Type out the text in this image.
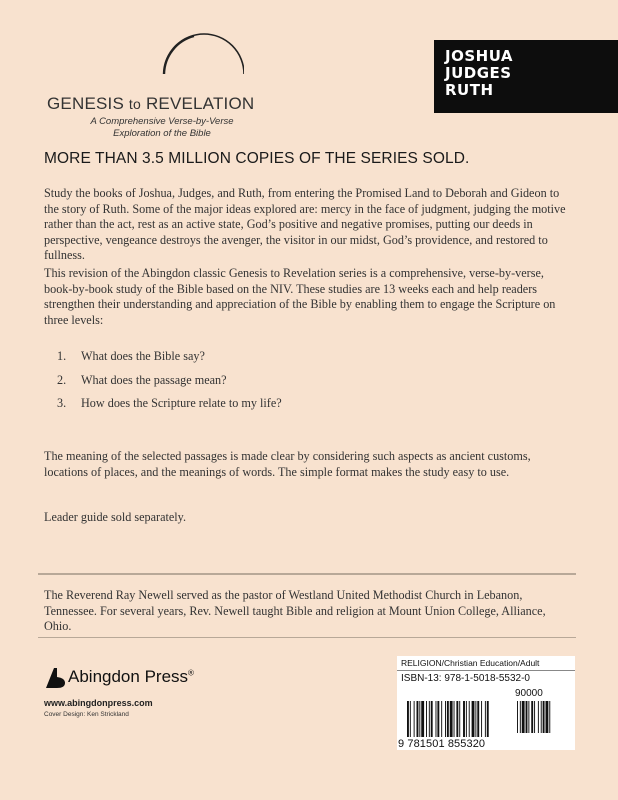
GENESIS to REVELATION
A Comprehensive Verse-by-Verse
Exploration of the Bible
JOSHUA
JUDGES
RUTH
MORE THAN 3.5 MILLION COPIES OF THE SERIES SOLD.
Study the books of Joshua, Judges, and Ruth, from entering the Promised Land to Deborah and Gideon to the story of Ruth. Some of the major ideas explored are: mercy in the face of judgment, judging the motive rather than the act, rest as an active state, God’s positive and negative promises, putting our deeds in perspective, vengeance destroys the avenger, the visitor in our midst, God’s providence, and restored to fullness.
This revision of the Abingdon classic Genesis to Revelation series is a comprehensive, verse-by-verse, book-by-book study of the Bible based on the NIV. These studies are 13 weeks each and help readers strengthen their understanding and appreciation of the Bible by enabling them to engage the Scripture on three levels:
1.	What does the Bible say?
2.	What does the passage mean?
3.	How does the Scripture relate to my life?
The meaning of the selected passages is made clear by considering such aspects as ancient customs, locations of places, and the meanings of words. The simple format makes the study easy to use.
Leader guide sold separately.
The Reverend Ray Newell served as the pastor of Westland United Methodist Church in Lebanon, Tennessee. For several years, Rev. Newell taught Bible and religion at Mount Union College, Alliance, Ohio.
Abingdon Press®
www.abingdonpress.com
Cover Design: Ken Strickland
RELIGION/Christian Education/Adult
ISBN-13: 978-1-5018-5532-0
90000
9 781501 855320
